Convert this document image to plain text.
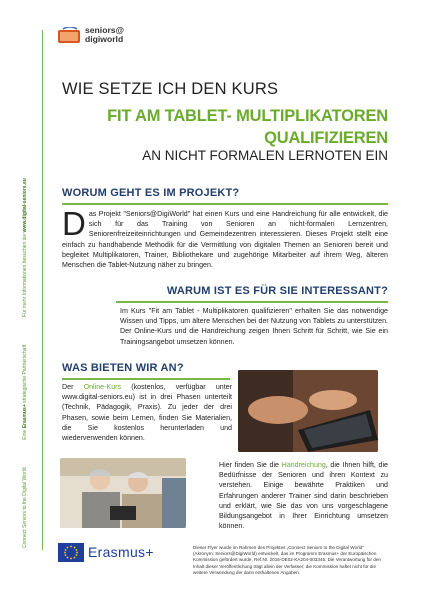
Connect Seniors to the Digital World                    Eine Erasmus+ strategische Partnerschaft                    Für mehr Informationen besuchen sie www.digital-seniors.eu
seniors@
digiworld
WIE SETZE ICH DEN KURS
FIT AM TABLET- MULTIPLIKATOREN
QUALIFIZIEREN
AN NICHT FORMALEN LERNOTEN EIN
WORUM GEHT ES IM PROJEKT?
Das Projekt "Seniors@DigiWorld" hat einen Kurs und eine Handreichung für alle entwickelt, die sich für das Training von Senioren an nicht-formalen Lernzentren, Seniorenfreizeiteinrichtungen und Gemeindezentren interessieren. Dieses Projekt stellt eine einfach zu handhabende Methodik für die Vermittlung von digitalen Themen an Senioren bereit und begleitet Multiplikatoren, Trainer, Bibliothekare und zugehörige Mitarbeiter auf ihrem Weg, älteren Menschen die Tablet-Nutzung näher zu bringen.
WARUM IST ES FÜR SIE INTERESSANT?
Im Kurs "Fit am Tablet - Multiplikatoren qualifizieren" erhalten Sie das notwendige Wissen und Tipps, um ältere Menschen bei der Nutzung von Tablets zu unterstützen. Der Online-Kurs und die Handreichung zeigen Ihnen Schritt für Schritt, wie Sie ein Trainingsangebot umsetzen können.
WAS BIETEN WIR AN?
Der Online-Kurs (kostenlos, verfügbar unter www.digital-seniors.eu) ist in drei Phasen unterteilt (Technik, Pädagogik, Praxis). Zu jeder der drei Phasen, sowie beim Lernen, finden Sie Materialien, die Sie kostenlos herunterladen und wiederverwenden können.
Hier finden Sie die Handreichung, die Ihnen hilft, die Bedürfnisse der Senioren und ihren Kontext zu verstehen. Einige bewährte Praktiken und Erfahrungen anderer Trainer sind darin beschrieben und erklärt, wie Sie das von uns vorgeschlagene Bildungsangebot in Ihrer Einrichtung umsetzen können.
Erasmus+	Dieser Flyer wurde im Rahmen des Projektes „Connect Seniors to the Digital World" (Akronym: Seniors@DigiWorld) entwickelt, das im Programm Erasmus+ der Europäischen Kommission gefördert wurde, Ref.Nr. 2016-DE02-KA204-003345. Die Verantwortung für den Inhalt dieser Veröffentlichung trägt allein der Verfasser; die Kommission haftet nicht für die weitere Verwendung der darin enthaltenen Angaben.
